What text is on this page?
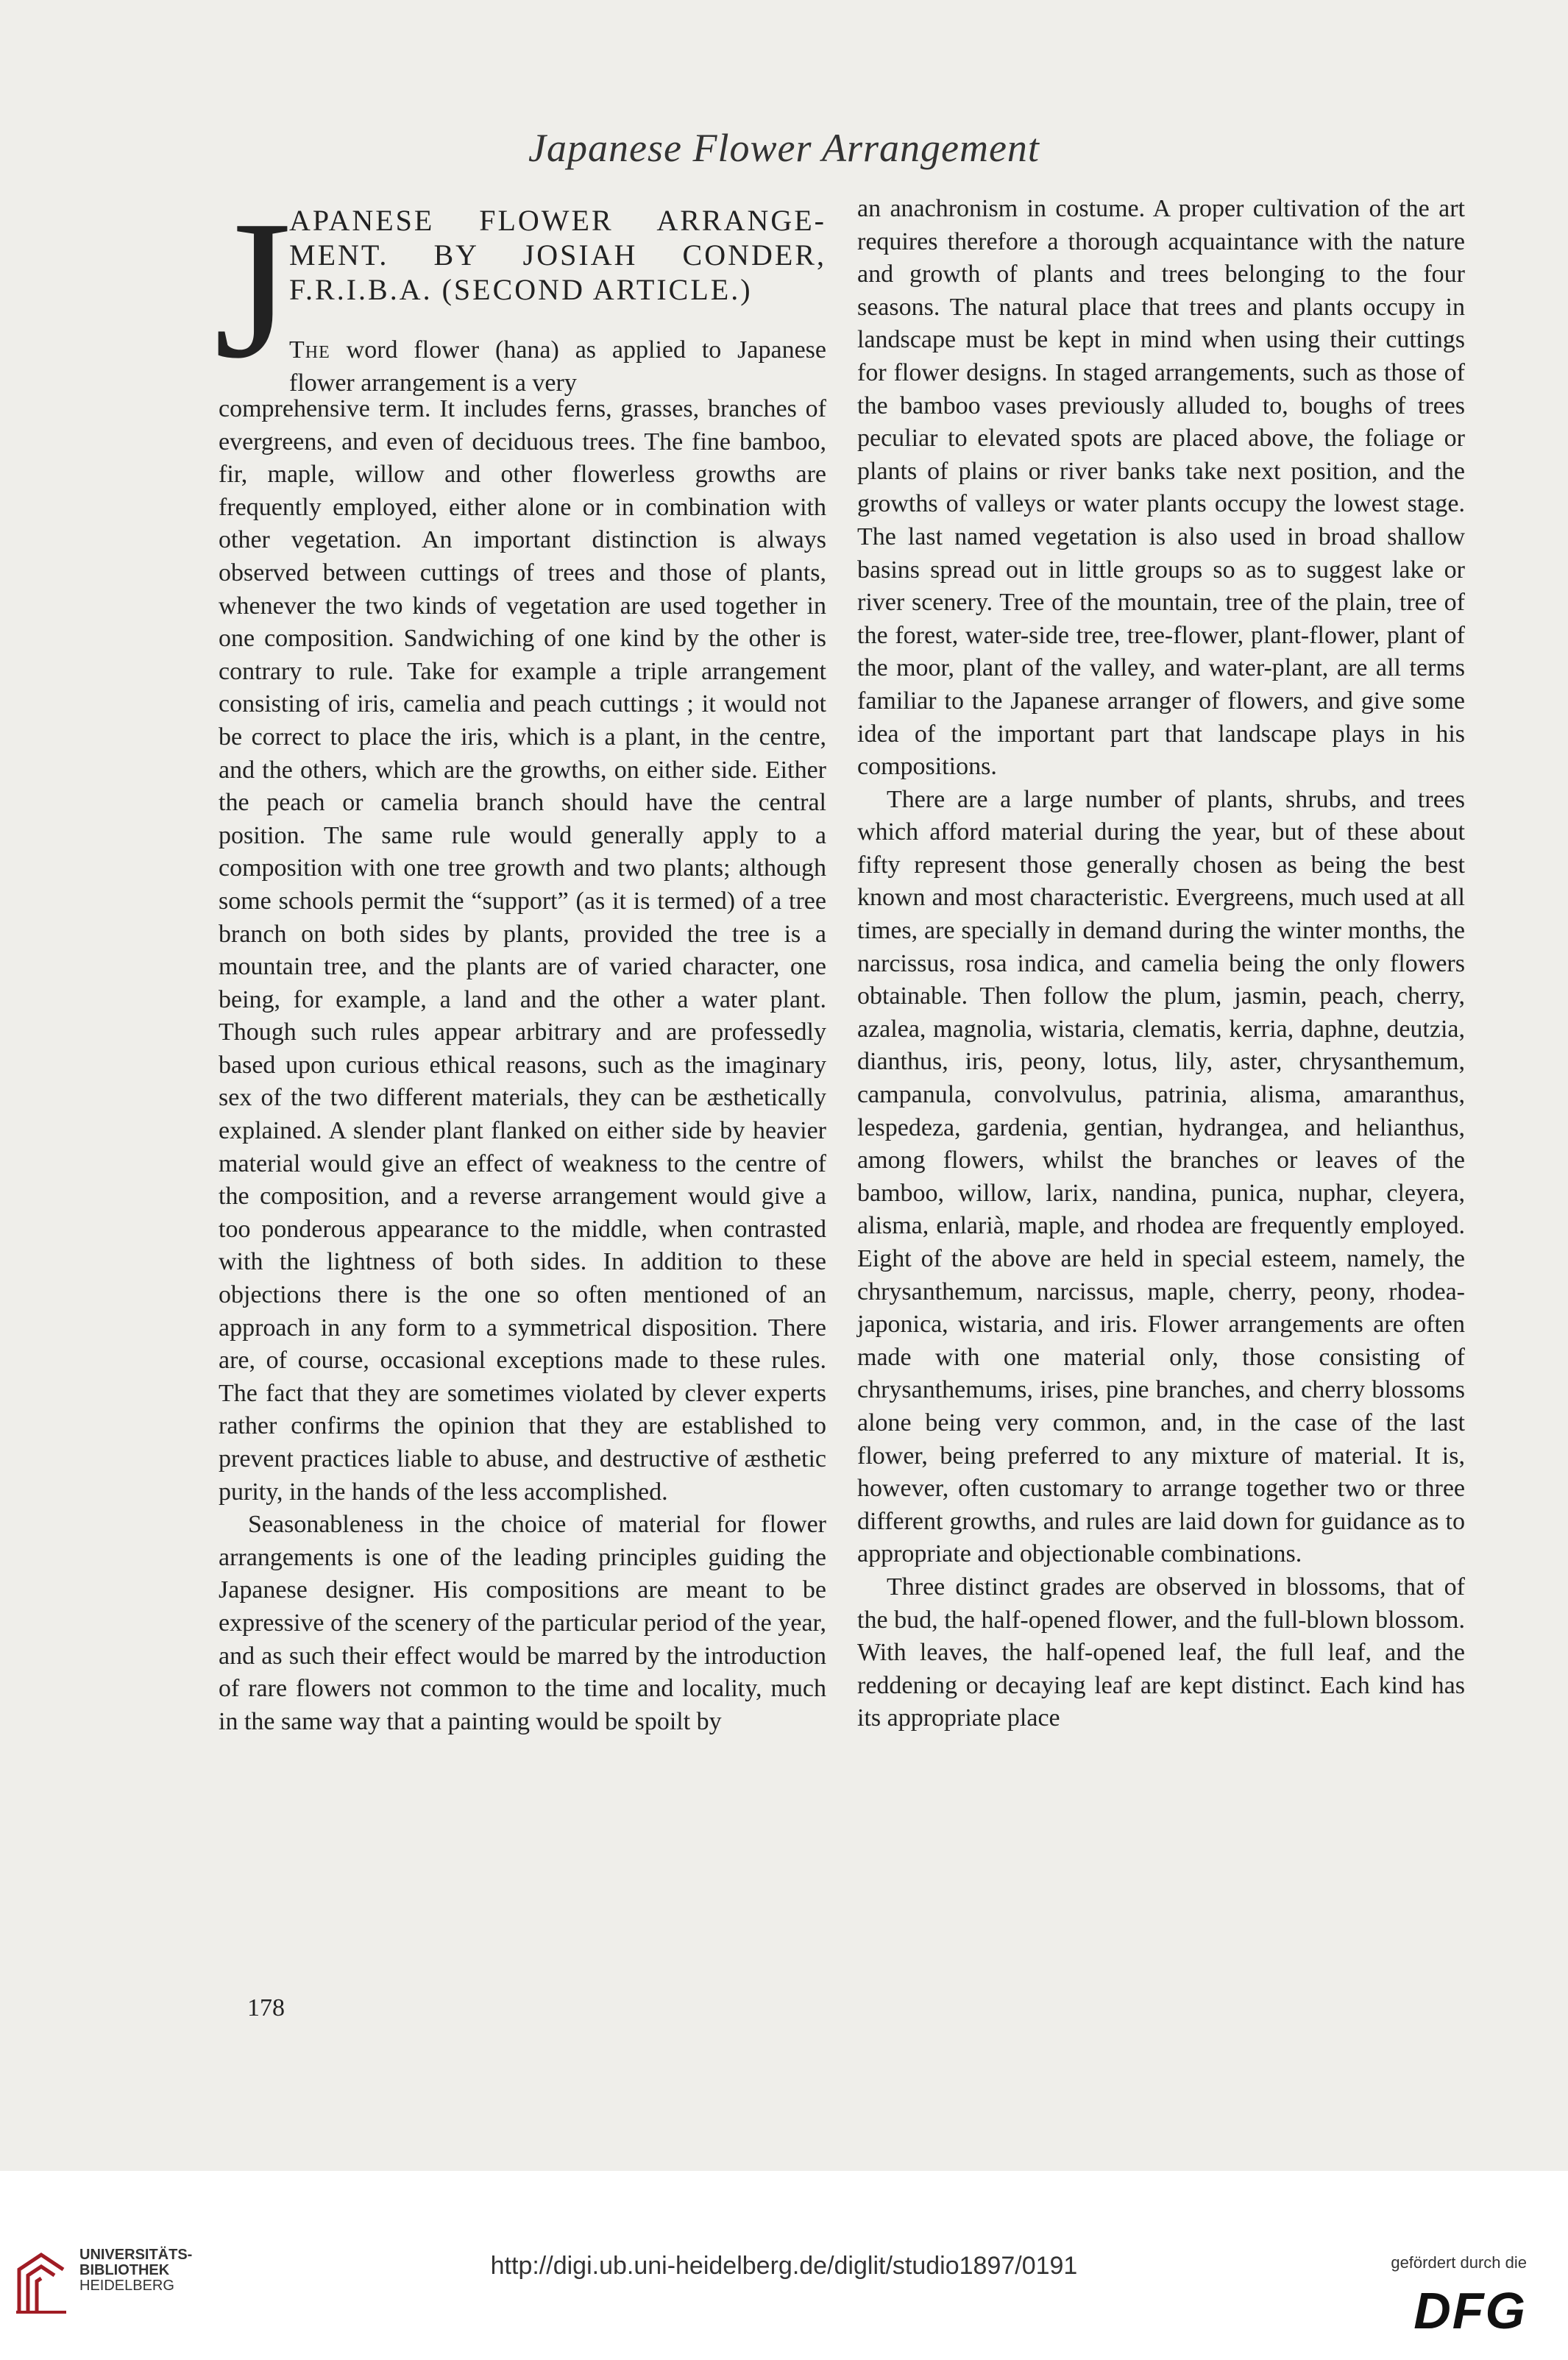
Japanese Flower Arrangement
J
APANESE FLOWER ARRANGE-MENT. BY JOSIAH CONDER, F.R.I.B.A. (SECOND ARTICLE.)
The word flower (hana) as applied to Japanese flower arrangement is a very

comprehensive term. It includes ferns, grasses, branches of evergreens, and even of deciduous trees. The fine bamboo, fir, maple, willow and other flowerless growths are frequently employed, either alone or in combination with other vegetation. An important distinction is always observed between cuttings of trees and those of plants, whenever the two kinds of vegetation are used together in one composition. Sandwiching of one kind by the other is contrary to rule. Take for example a triple arrangement consisting of iris, camelia and peach cuttings ; it would not be correct to place the iris, which is a plant, in the centre, and the others, which are the growths, on either side. Either the peach or camelia branch should have the central position. The same rule would generally apply to a composition with one tree growth and two plants; although some schools permit the “support” (as it is termed) of a tree branch on both sides by plants, provided the tree is a mountain tree, and the plants are of varied character, one being, for example, a land and the other a water plant. Though such rules appear arbitrary and are professedly based upon curious ethical reasons, such as the imaginary sex of the two different materials, they can be æsthetically explained. A slender plant flanked on either side by heavier material would give an effect of weakness to the centre of the composition, and a reverse arrangement would give a too ponderous appearance to the middle, when contrasted with the lightness of both sides. In addition to these objections there is the one so often mentioned of an approach in any form to a symmetrical disposition. There are, of course, occasional exceptions made to these rules. The fact that they are sometimes violated by clever experts rather confirms the opinion that they are established to prevent practices liable to abuse, and destructive of æsthetic purity, in the hands of the less accomplished.

Seasonableness in the choice of material for flower arrangements is one of the leading principles guiding the Japanese designer. His compositions are meant to be expressive of the scenery of the particular period of the year, and as such their effect would be marred by the introduction of rare flowers not common to the time and locality, much in the same way that a painting would be spoilt by

an anachronism in costume. A proper cultivation of the art requires therefore a thorough acquaintance with the nature and growth of plants and trees belonging to the four seasons. The natural place that trees and plants occupy in landscape must be kept in mind when using their cuttings for flower designs. In staged arrangements, such as those of the bamboo vases previously alluded to, boughs of trees peculiar to elevated spots are placed above, the foliage or plants of plains or river banks take next position, and the growths of valleys or water plants occupy the lowest stage. The last named vegetation is also used in broad shallow basins spread out in little groups so as to suggest lake or river scenery. Tree of the mountain, tree of the plain, tree of the forest, water-side tree, tree-flower, plant-flower, plant of the moor, plant of the valley, and water-plant, are all terms familiar to the Japanese arranger of flowers, and give some idea of the important part that landscape plays in his compositions.

There are a large number of plants, shrubs, and trees which afford material during the year, but of these about fifty represent those generally chosen as being the best known and most characteristic. Evergreens, much used at all times, are specially in demand during the winter months, the narcissus, rosa indica, and camelia being the only flowers obtainable. Then follow the plum, jasmin, peach, cherry, azalea, magnolia, wistaria, clematis, kerria, daphne, deutzia, dianthus, iris, peony, lotus, lily, aster, chrysanthemum, campanula, convolvulus, patrinia, alisma, amaranthus, lespedeza, gardenia, gentian, hydrangea, and helianthus, among flowers, whilst the branches or leaves of the bamboo, willow, larix, nandina, punica, nuphar, cleyera, alisma, enlarià, maple, and rhodea are frequently employed. Eight of the above are held in special esteem, namely, the chrysanthemum, narcissus, maple, cherry, peony, rhodea-japonica, wistaria, and iris. Flower arrangements are often made with one material only, those consisting of chrysanthemums, irises, pine branches, and cherry blossoms alone being very common, and, in the case of the last flower, being preferred to any mixture of material. It is, however, often customary to arrange together two or three different growths, and rules are laid down for guidance as to appropriate and objectionable combinations.

Three distinct grades are observed in blossoms, that of the bud, the half-opened flower, and the full-blown blossom. With leaves, the half-opened leaf, the full leaf, and the reddening or decaying leaf are kept distinct. Each kind has its appropriate place

178
UNIVERSITÄTS-
BIBLIOTHEK
HEIDELBERG
http://digi.ub.uni-heidelberg.de/diglit/studio1897/0191	gefördert durch die
DFG
